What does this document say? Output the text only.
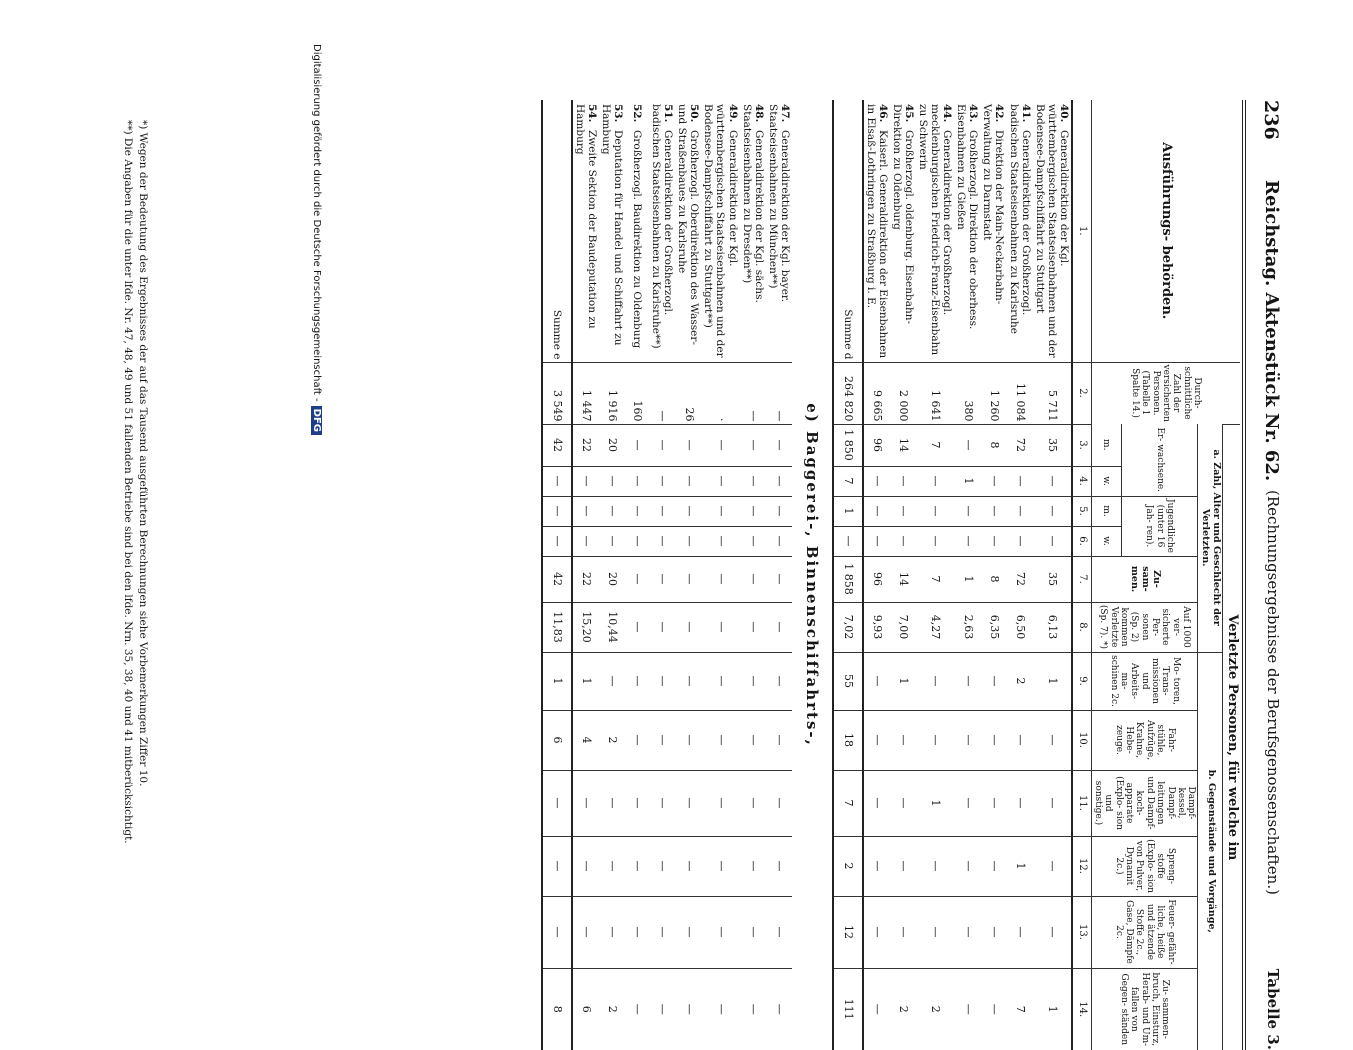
236
Reichstag. Aktenstück Nr. 62.
(Rechnungsergebnisse der Berufsgenossenschaften.)
Tabelle 3.
Ausführungs- behörden.	Durch- schnittliche Zahl der versicherten Personen. (Tabelle 1 Spalte 14.)	Verletzte Personen, für welche im											
		a. Zahl, Alter und Geschlecht der Verletzten.						b. Gegenstände und Vorgänge,					
		Er- wachsene.		Jugendliche (unter 16 Jah- ren).		Zu- sam- men.	Auf 1000 ver- sicherte Per- sonen (Sp. 2) kommen Verletzte (Sp. 7). *)	Mo- toren, Trans- missionen und Arbeits- ma- schinen 2c.	Fahr- stühle, Aufzüge, Krahne, Hebe- zeuge.	Dampf- kessel, Dampf- leitungen und Dampf- koch- apparate (Explo- sion und sonstige.)	Spreng- stoffe (Explo- sion von Pulver, Dynamit 2c.)	Feuer- gefähr- liche, heiße und ätzende Stoffe 2c., Gase, Dämpfe 2c.	Zu- sammen- bruch, Einsturz, Herab- und Um- fallen von Gegen- ständen
		m.	w.	m.	w.								
1.	2.	3.	4.	5.	6.	7.	8.	9.	10.	11.	12.	13.	14.
40.Generaldirektion der Kgl. württembergischen Staatseisenbahnen und der Bodensee-Dampfschiffahrt zu Stuttgart	5 711	35	—	—	—	35	6,13	1	—	—	—	—	1
41.Generaldirektion der Großherzogl. badischen Staatseisenbahnen zu Karlsruhe	11 084	72	—	—	—	72	6,50	2	—	—	1	—	7
42.Direktion der Main-Neckarbahn-Verwaltung zu Darmstadt	1 260	8	—	—	—	8	6,35	—	—	—	—	—	—
43.Großherzogl. Direktion der oberhess. Eisenbahnen zu Gießen	380	—	1	—	—	1	2,63	—	—	—	—	—	—
44.Generaldirektion der Großherzogl. mecklenburgischen Friedrich-Franz-Eisenbahn zu Schwerin	1 641	7	—	—	—	7	4,27	—	—	1	—	—	2
45.Großherzogl. oldenburg. Eisenbahn-Direktion zu Oldenburg	2 000	14	—	—	—	14	7,00	1	—	—	—	—	2
46.Kaiserl. Generaldirektion der Eisenbahnen in Elsaß-Lothringen zu Straßburg i. E.	9 665	96	—	—	—	96	9,93	—	—	—	—	—	—
Summe d	264 820	1 850	7	1	—	1 858	7,02	55	18	7	2	12	111
e) Baggerei-, Binnenschiffahrts-,													
47.Generaldirektion der Kgl. bayer. Staatseisenbahnen zu München**)	—	—	—	—	—	—	—	—	—	—	—	—	—
48.Generaldirektion der Kgl. sächs. Staatseisenbahnen zu Dresden**)	—	—	—	—	—	—	—	—	—	—	—	—	—
49.Generaldirektion der Kgl. württembergischen Staatseisenbahnen und der Bodensee-Dampfschiffahrt zu Stuttgart**)	·	—	—	—	—	—	—	—	—	—	—	—	—
50.Großherzogl. Oberdirektion des Wasser- und Straßenbaues zu Karlsruhe	26	—	—	—	—	—	—	—	—	—	—	—	—
51.Generaldirektion der Großherzogl. badischen Staatseisenbahnen zu Karlsruhe**)	—	—	—	—	—	—	—	—	—	—	—	—	—
52.Großherzogl. Baudirektion zu Oldenburg	160	—	—	—	—	—	—	—	—	—	—	—	—
53.Deputation für Handel und Schiffahrt zu Hamburg	1 916	20	—	—	—	20	10,44	—	2	—	—	—	2
54.Zweite Sektion der Baudeputation zu Hamburg	1 447	22	—	—	—	22	15,20	1	4	—	—	—	6
Summe e	3 549	42	—	—	—	42	11,83	1	6	—	—	—	8
*) Wegen der Bedeutung des Ergebnisses der auf das Tausend ausgeführten Berechnungen siehe Vorbemerkungen Ziffer 10.
**) Die Angaben für die unter lfde. Nr. 47, 48, 49 und 51 fallenden Betriebe sind bei den lfde. Nrn. 35, 38, 40 und 41 mitberücksichtigt.	Digitalisierung gefördert durch die Deutsche Forschungsgemeinschaft -DFG
